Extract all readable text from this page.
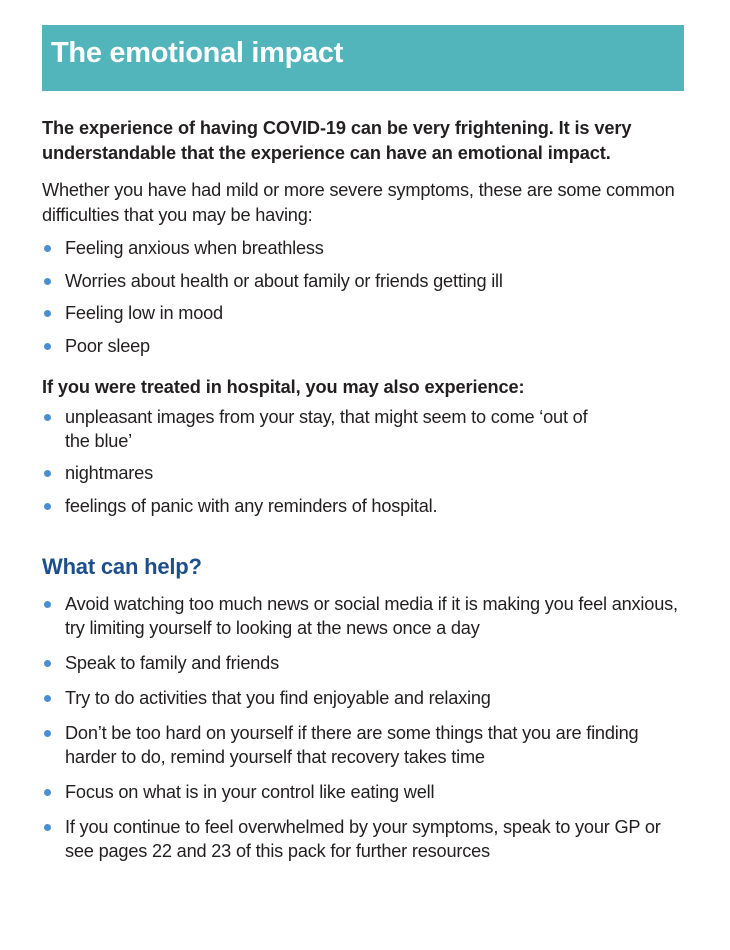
The emotional impact

The experience of having COVID-19 can be very frightening. It is very understandable that the experience can have an emotional impact.

Whether you have had mild or more severe symptoms, these are some common difficulties that you may be having:

Feeling anxious when breathless
Worries about health or about family or friends getting ill
Feeling low in mood
Poor sleep

If you were treated in hospital, you may also experience:

unpleasant images from your stay, that might seem to come ‘out of the blue’
nightmares
feelings of panic with any reminders of hospital.
What can help?
Avoid watching too much news or social media if it is making you feel anxious, try limiting yourself to looking at the news once a day
Speak to family and friends
Try to do activities that you find enjoyable and relaxing
Don’t be too hard on yourself if there are some things that you are finding harder to do, remind yourself that recovery takes time
Focus on what is in your control like eating well
If you continue to feel overwhelmed by your symptoms, speak to your GP or see pages 22 and 23 of this pack for further resources
